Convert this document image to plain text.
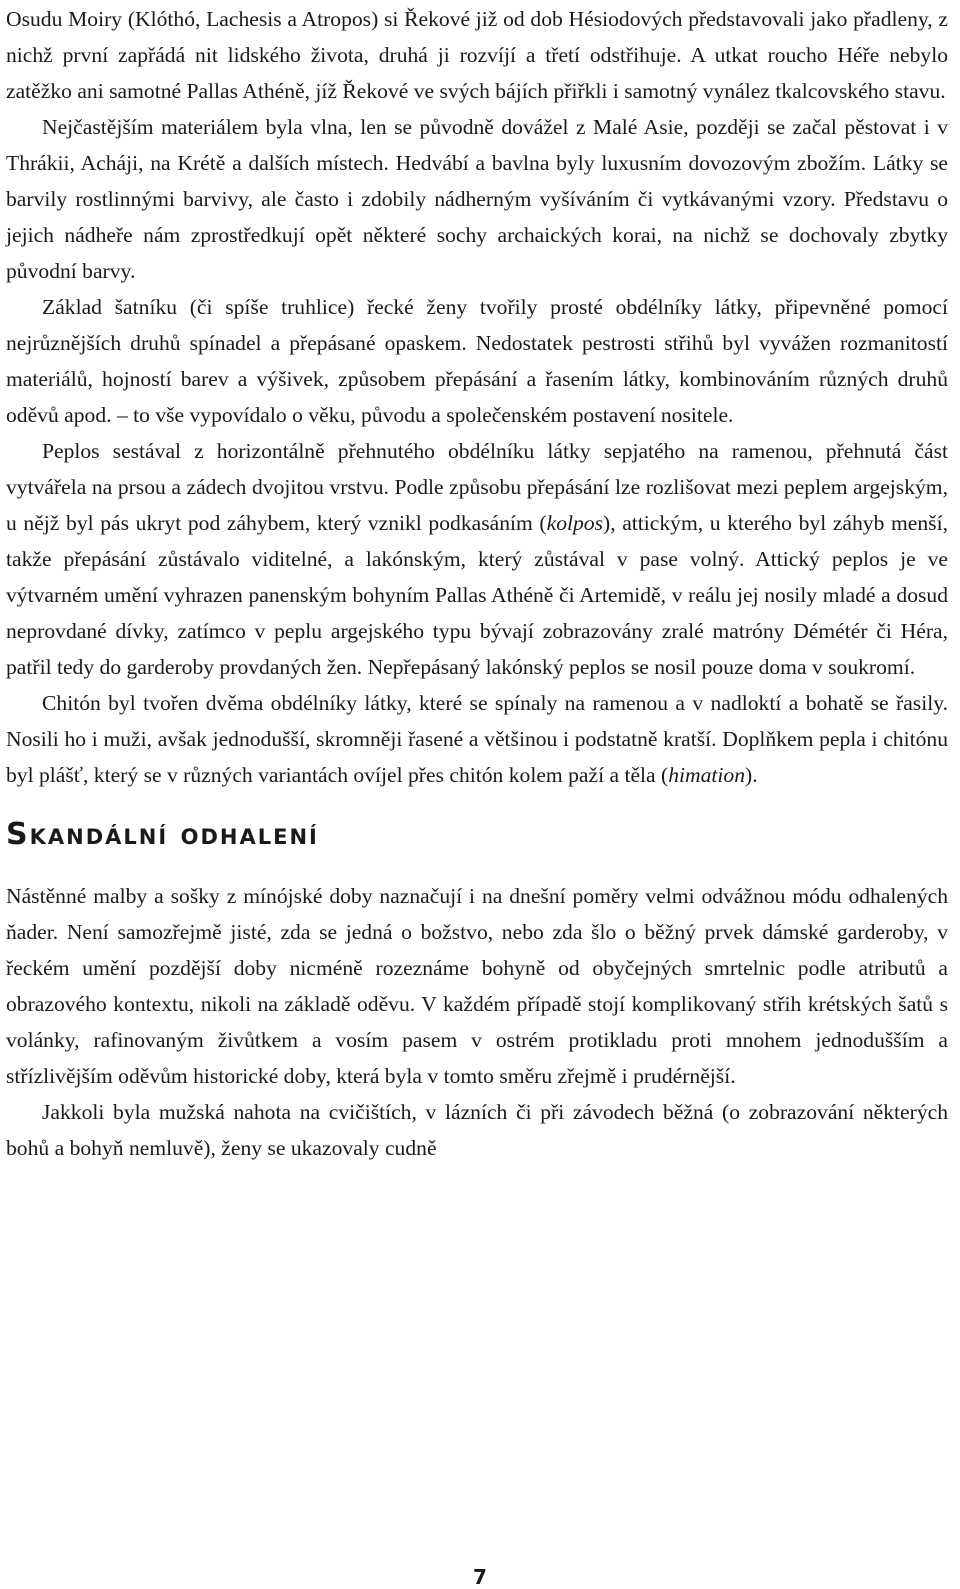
Osudu Moiry (Klóthó, Lachesis a Atropos) si Řekové již od dob Hésiodových představovali jako přadleny, z nichž první zapřádá nit lidského života, druhá ji rozvíjí a třetí odstřihuje. A utkat roucho Héře nebylo zatěžko ani samotné Pallas Athéně, jíž Řekové ve svých bájích přiřkli i samotný vynález tkalcovského stavu.

Nejčastějším materiálem byla vlna, len se původně dovážel z Malé Asie, později se začal pěstovat i v Thrákii, Acháji, na Krétě a dalších místech. Hedvábí a bavlna byly luxusním dovozovým zbožím. Látky se barvily rostlinnými barvivy, ale často i zdobily nádherným vyšíváním či vytkávanými vzory. Představu o jejich nádheře nám zprostředkují opět některé sochy archaických korai, na nichž se dochovaly zbytky původní barvy.

Základ šatníku (či spíše truhlice) řecké ženy tvořily prosté obdélníky látky, připevněné pomocí nejrůznějších druhů spínadel a přepásané opaskem. Nedostatek pestrosti střihů byl vyvážen rozmanitostí materiálů, hojností barev a výšivek, způsobem přepásání a řasením látky, kombinováním různých druhů oděvů apod. – to vše vypovídalo o věku, původu a společenském postavení nositele.

Peplos sestával z horizontálně přehnutého obdélníku látky sepjatého na ramenou, přehnutá část vytvářela na prsou a zádech dvojitou vrstvu. Podle způsobu přepásání lze rozlišovat mezi peplem argejským, u nějž byl pás ukryt pod záhybem, který vznikl podkasáním (kolpos), attickým, u kterého byl záhyb menší, takže přepásání zůstávalo viditelné, a lakónským, který zůstával v pase volný. Attický peplos je ve výtvarném umění vyhrazen panenským bohyním Pallas Athéně či Artemidě, v reálu jej nosily mladé a dosud neprovdané dívky, zatímco v peplu argejského typu bývají zobrazovány zralé matróny Démétér či Héra, patřil tedy do garderoby provdaných žen. Nepřepásaný lakónský peplos se nosil pouze doma v soukromí.

Chitón byl tvořen dvěma obdélníky látky, které se spínaly na ramenou a v nadloktí a bohatě se řasily. Nosili ho i muži, avšak jednodušší, skromněji řasené a většinou i podstatně kratší. Doplňkem pepla i chitónu byl plášť, který se v různých variantách ovíjel přes chitón kolem paží a těla (himation).

Skandální odhalení

Nástěnné malby a sošky z mínójské doby naznačují i na dnešní poměry velmi odvážnou módu odhalených ňader. Není samozřejmě jisté, zda se jedná o božstvo, nebo zda šlo o běžný prvek dámské garderoby, v řeckém umění pozdější doby nicméně rozeznáme bohyně od obyčejných smrtelnic podle atributů a obrazového kontextu, nikoli na základě oděvu. V každém případě stojí komplikovaný střih krétských šatů s volánky, rafinovaným živůtkem a vosím pasem v ostrém protikladu proti mnohem jednodušším a střízlivějším oděvům historické doby, která byla v tomto směru zřejmě i prudérnější.

Jakkoli byla mužská nahota na cvičištích, v lázních či při závodech běžná (o zobrazování některých bohů a bohyň nemluvě), ženy se ukazovaly cudně

7
